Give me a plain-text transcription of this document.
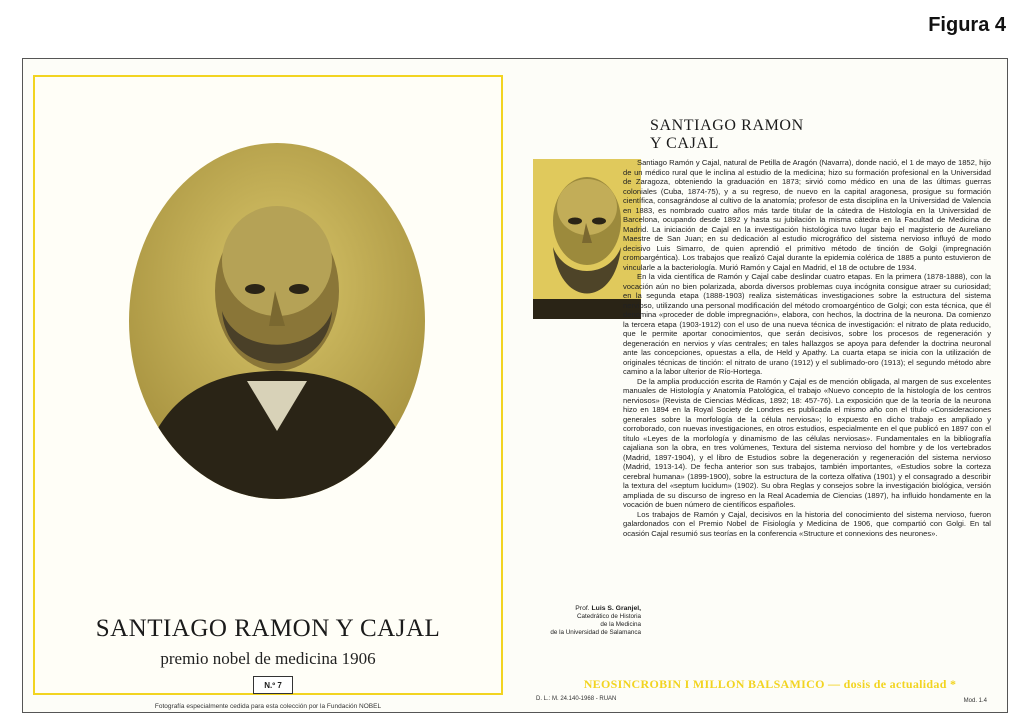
Figura 4
SANTIAGO RAMON Y CAJAL
premio nobel de medicina 1906
N.º 7
Fotografía especialmente cedida para esta colección por la Fundación NOBEL
SANTIAGO RAMON
Y CAJAL

Santiago Ramón y Cajal, natural de Petilla de Aragón (Navarra), donde nació, el 1 de mayo de 1852, hijo de un médico rural que le inclina al estudio de la medicina; hizo su formación profesional en la Universidad de Zaragoza, obteniendo la graduación en 1873; sirvió como médico en una de las últimas guerras coloniales (Cuba, 1874-75), y a su regreso, de nuevo en la capital aragonesa, prosigue su formación científica, consagrándose al cultivo de la anatomía; profesor de esta disciplina en la Universidad de Valencia en 1883, es nombrado cuatro años más tarde titular de la cátedra de Histología en la Universidad de Barcelona, ocupando desde 1892 y hasta su jubilación la misma cátedra en la Facultad de Medicina de Madrid. La iniciación de Cajal en la investigación histológica tuvo lugar bajo el magisterio de Aureliano Maestre de San Juan; en su dedicación al estudio micrográfico del sistema nervioso influyó de modo decisivo Luis Simarro, de quien aprendió el primitivo método de tinción de Golgi (impregnación cromoargéntica). Los trabajos que realizó Cajal durante la epidemia colérica de 1885 a punto estuvieron de vincularle a la bacteriología. Murió Ramón y Cajal en Madrid, el 18 de octubre de 1934.

En la vida científica de Ramón y Cajal cabe deslindar cuatro etapas. En la primera (1878-1888), con la vocación aún no bien polarizada, aborda diversos problemas cuya incógnita consigue atraer su curiosidad; en la segunda etapa (1888-1903) realiza sistemáticas investigaciones sobre la estructura del sistema nervioso, utilizando una personal modificación del método cromoargéntico de Golgi; con esta técnica, que él denomina «proceder de doble impregnación», elabora, con hechos, la doctrina de la neurona. Da comienzo la tercera etapa (1903-1912) con el uso de una nueva técnica de investigación: el nitrato de plata reducido, que le permite aportar conocimientos, que serán decisivos, sobre los procesos de regeneración y degeneración en nervios y vías centrales; en tales hallazgos se apoya para defender la doctrina neuronal ante las concepciones, opuestas a ella, de Held y Apathy. La cuarta etapa se inicia con la utilización de originales técnicas de tinción: el nitrato de urano (1912) y el sublimado-oro (1913); el segundo método abre camino a la labor ulterior de Río-Hortega.

De la amplia producción escrita de Ramón y Cajal es de mención obligada, al margen de sus excelentes manuales de Histología y Anatomía Patológica, el trabajo «Nuevo concepto de la histología de los centros nerviosos» (Revista de Ciencias Médicas, 1892; 18: 457-76). La exposición que de la teoría de la neurona hizo en 1894 en la Royal Society de Londres es publicada el mismo año con el título «Consideraciones generales sobre la morfología de la célula nerviosa»; lo expuesto en dicho trabajo es ampliado y corroborado, con nuevas investigaciones, en otros estudios, especialmente en el que publicó en 1897 con el título «Leyes de la morfología y dinamismo de las células nerviosas». Fundamentales en la bibliografía cajaliana son la obra, en tres volúmenes, Textura del sistema nervioso del hombre y de los vertebrados (Madrid, 1897-1904), y el libro de Estudios sobre la degeneración y regeneración del sistema nervioso (Madrid, 1913-14). De fecha anterior son sus trabajos, también importantes, «Estudios sobre la corteza cerebral humana» (1899-1900), sobre la estructura de la corteza olfativa (1901) y el consagrado a describir la textura del «septum lucidum» (1902). Su obra Reglas y consejos sobre la investigación biológica, versión ampliada de su discurso de ingreso en la Real Academia de Ciencias (1897), ha influido hondamente en la vocación de buen número de científicos españoles.

Los trabajos de Ramón y Cajal, decisivos en la historia del conocimiento del sistema nervioso, fueron galardonados con el Premio Nobel de Fisiología y Medicina de 1906, que compartió con Golgi. En tal ocasión Cajal resumió sus teorías en la conferencia «Structure et connexions des neurones».

Prof. Luis S. Granjel,
Catedrático de Historia
de la Medicina
de la Universidad de Salamanca
NEOSINCROBIN I MILLON BALSAMICO — dosis de actualidad *
D. L.: M. 24.140-1968 - RUAN	Mod. 1.4
